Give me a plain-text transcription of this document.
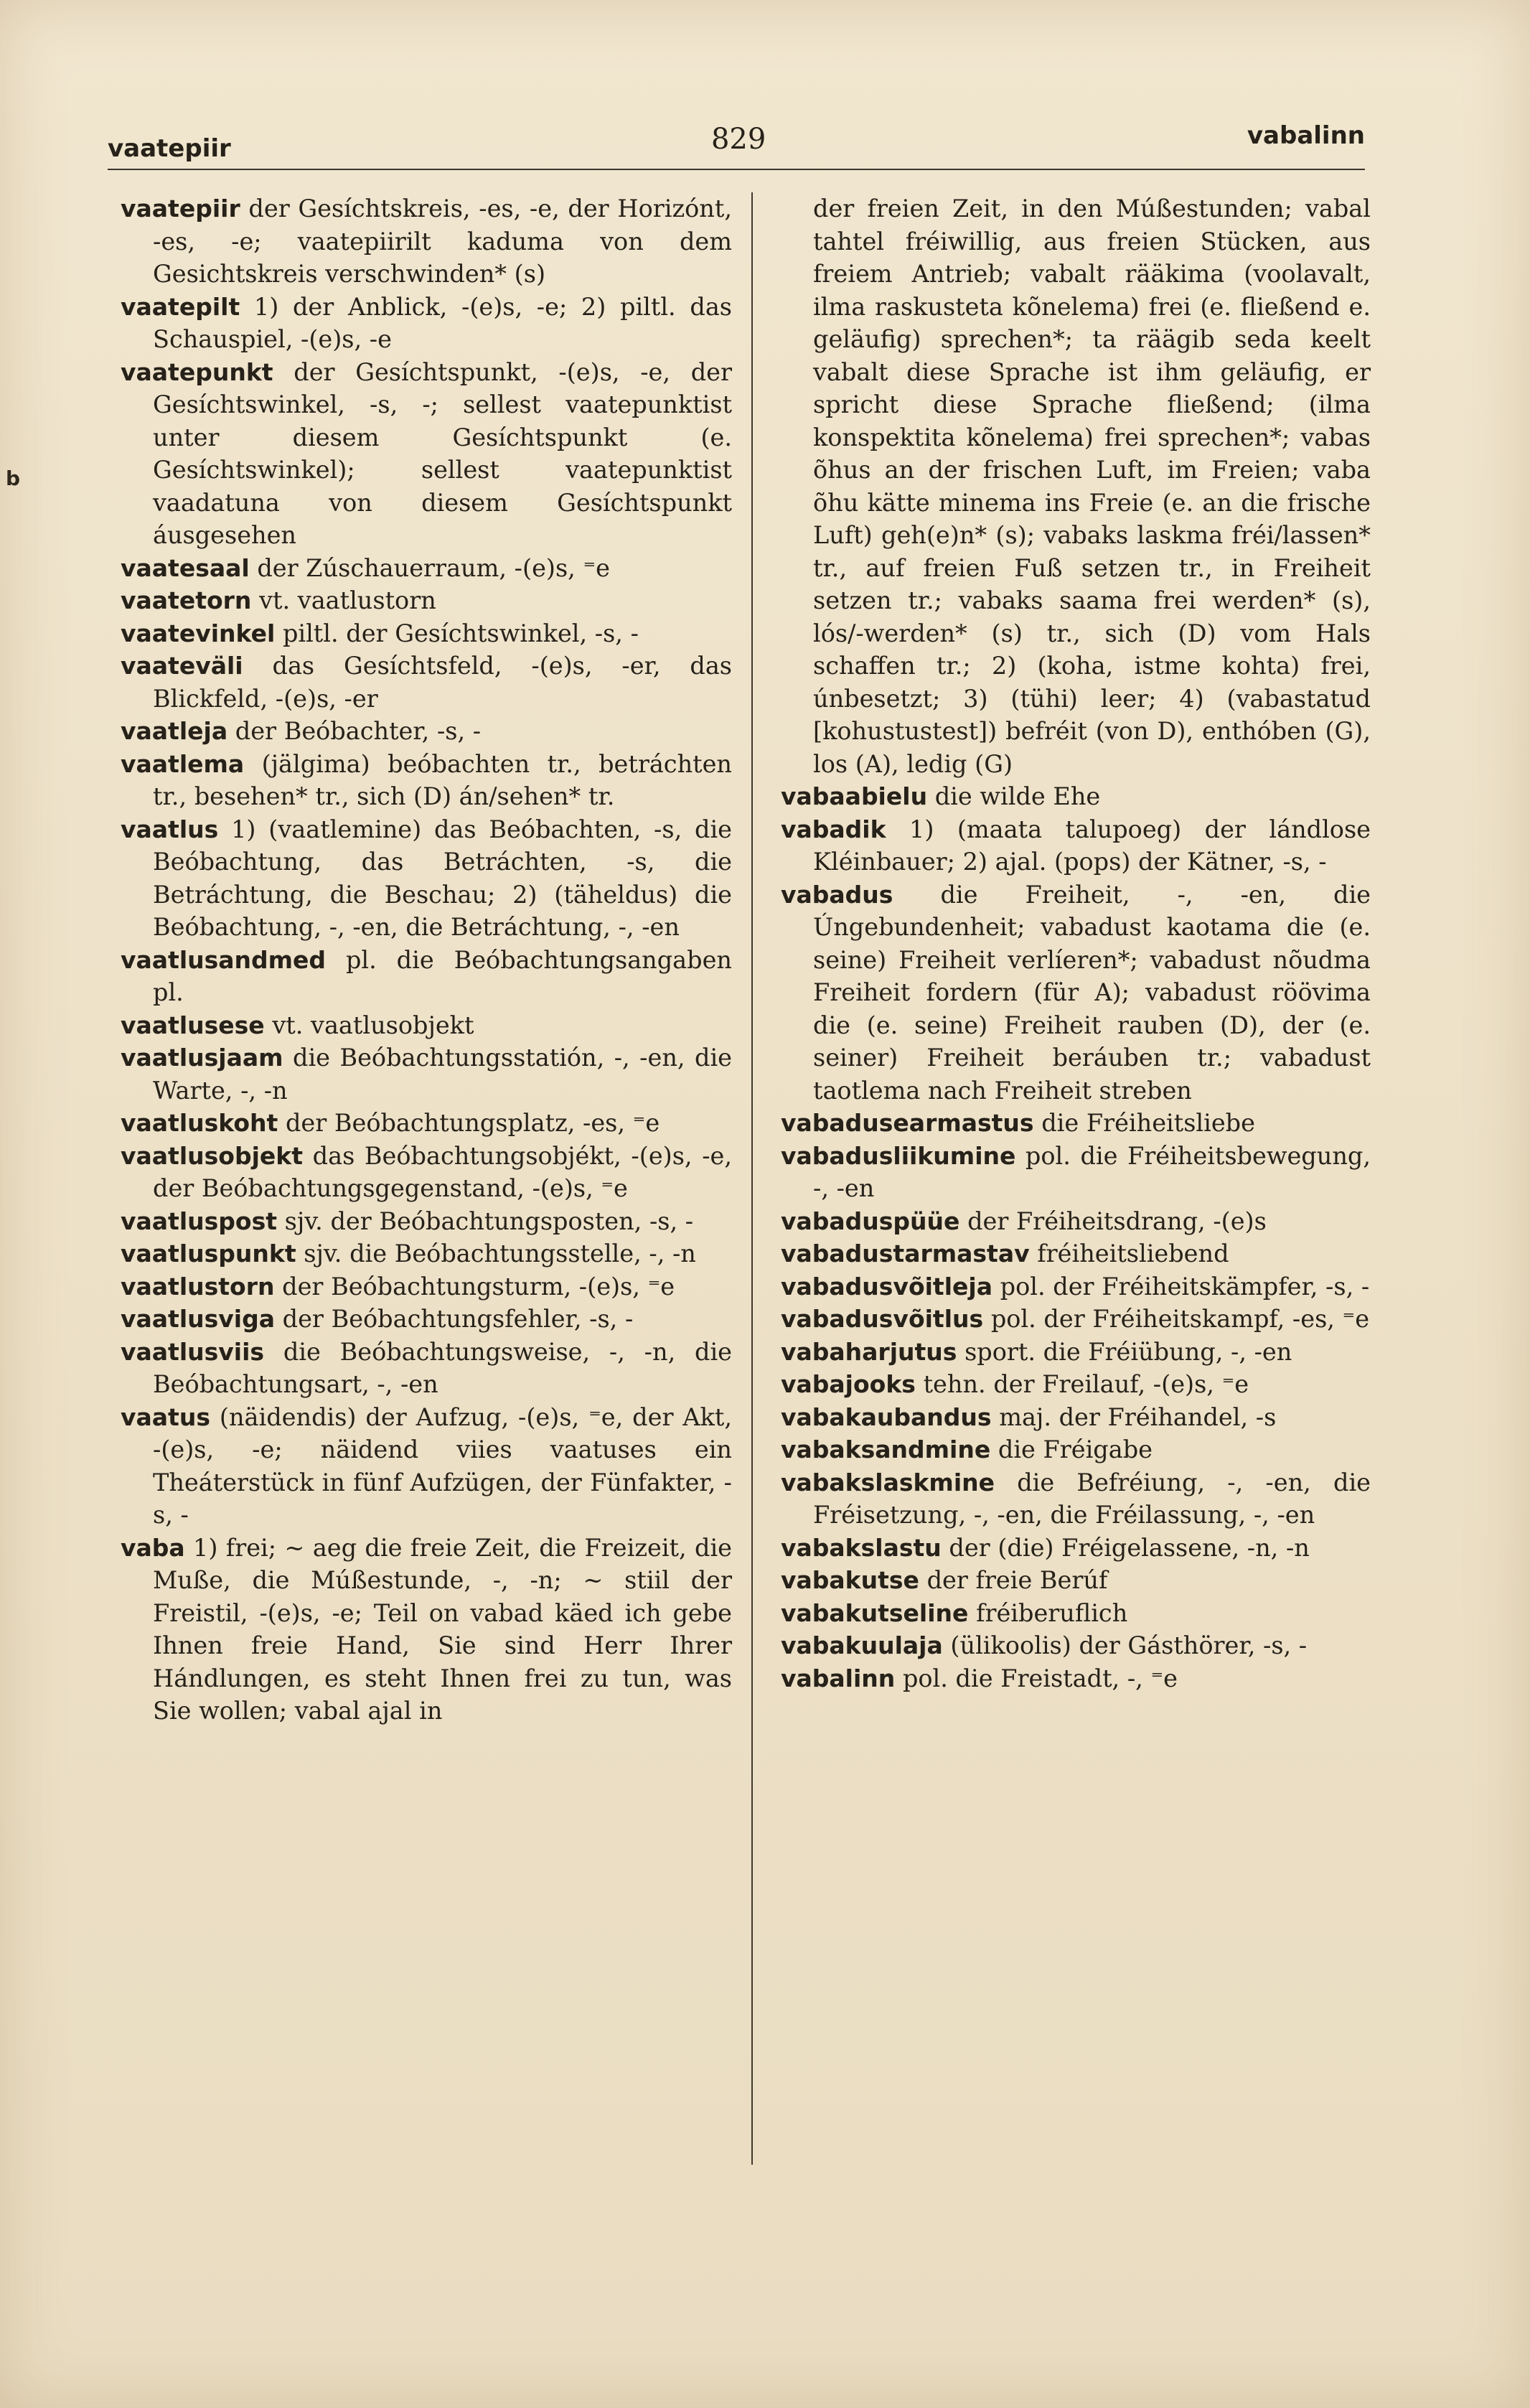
vaatepiir	829	vabalinn
b
vaatepiir der Gesíchtskreis, -es, -e, der Horizónt, -es, -e; vaatepiirilt kaduma von dem Gesichtskreis verschwinden* (s)
vaatepilt 1) der Anblick, -(e)s, -e; 2) piltl. das Schauspiel, -(e)s, -e
vaatepunkt der Gesíchtspunkt, -(e)s, -e, der Gesíchtswinkel, -s, -; sellest vaatepunktist unter diesem Gesíchtspunkt (e. Gesíchtswinkel); sellest vaatepunktist vaadatuna von diesem Gesíchtspunkt áusgesehen
vaatesaal der Zúschauerraum, -(e)s, ⁼e
vaatetorn vt. vaatlustorn
vaatevinkel piltl. der Gesíchtswinkel, -s, -
vaateväli das Gesíchtsfeld, -(e)s, -er, das Blickfeld, -(e)s, -er
vaatleja der Beóbachter, -s, -
vaatlema (jälgima) beóbachten tr., betráchten tr., besehen* tr., sich (D) án/sehen* tr.
vaatlus 1) (vaatlemine) das Beóbachten, -s, die Beóbachtung, das Betráchten, -s, die Betráchtung, die Beschau; 2) (täheldus) die Beóbachtung, -, -en, die Betráchtung, -, -en
vaatlusandmed pl. die Beóbachtungsangaben pl.
vaatlusese vt. vaatlusobjekt
vaatlusjaam die Beóbachtungsstatión, -, -en, die Warte, -, -n
vaatluskoht der Beóbachtungsplatz, -es, ⁼e
vaatlusobjekt das Beóbachtungsobjékt, -(e)s, -e, der Beóbachtungsgegenstand, -(e)s, ⁼e
vaatluspost sjv. der Beóbachtungsposten, -s, -
vaatluspunkt sjv. die Beóbachtungsstelle, -, -n
vaatlustorn der Beóbachtungsturm, -(e)s, ⁼e
vaatlusviga der Beóbachtungsfehler, -s, -
vaatlusviis die Beóbachtungsweise, -, -n, die Beóbachtungsart, -, -en
vaatus (näidendis) der Aufzug, -(e)s, ⁼e, der Akt, -(e)s, -e; näidend viies vaatuses ein Theáterstück in fünf Aufzügen, der Fünfakter, -s, -
vaba 1) frei; ~ aeg die freie Zeit, die Freizeit, die Muße, die Múßestunde, -, -n; ~ stiil der Freistil, -(e)s, -e; Teil on vabad käed ich gebe Ihnen freie Hand, Sie sind Herr Ihrer Hándlungen, es steht Ihnen frei zu tun, was Sie wollen; vabal ajal in
der freien Zeit, in den Múßestunden; vabal tahtel fréiwillig, aus freien Stücken, aus freiem Antrieb; vabalt rääkima (voolavalt, ilma raskusteta kõnelema) frei (e. fließend e. geläufig) sprechen*; ta räägib seda keelt vabalt diese Sprache ist ihm geläufig, er spricht diese Sprache fließend; (ilma konspektita kõnelema) frei sprechen*; vabas õhus an der frischen Luft, im Freien; vaba õhu kätte minema ins Freie (e. an die frische Luft) geh(e)n* (s); vabaks laskma fréi/lassen* tr., auf freien Fuß setzen tr., in Freiheit setzen tr.; vabaks saama frei werden* (s), lós/-werden* (s) tr., sich (D) vom Hals schaffen tr.; 2) (koha, istme kohta) frei, únbesetzt; 3) (tühi) leer; 4) (vabastatud [kohustustest]) befréit (von D), enthóben (G), los (A), ledig (G)
vabaabielu die wilde Ehe
vabadik 1) (maata talupoeg) der lándlose Kléinbauer; 2) ajal. (pops) der Kätner, -s, -
vabadus die Freiheit, -, -en, die Úngebundenheit; vabadust kaotama die (e. seine) Freiheit verlíeren*; vabadust nõudma Freiheit fordern (für A); vabadust röövima die (e. seine) Freiheit rauben (D), der (e. seiner) Freiheit beráuben tr.; vabadust taotlema nach Freiheit streben
vabadusearmastus die Fréiheitsliebe
vabadusliikumine pol. die Fréiheitsbewegung, -, -en
vabaduspüüe der Fréiheitsdrang, -(e)s
vabadustarmastav fréiheitsliebend
vabadusvõitleja pol. der Fréiheitskämpfer, -s, -
vabadusvõitlus pol. der Fréiheitskampf, -es, ⁼e
vabaharjutus sport. die Fréiübung, -, -en
vabajooks tehn. der Freilauf, -(e)s, ⁼e
vabakaubandus maj. der Fréihandel, -s
vabaksandmine die Fréigabe
vabakslaskmine die Befréiung, -, -en, die Fréisetzung, -, -en, die Fréilassung, -, -en
vabakslastu der (die) Fréigelassene, -n, -n
vabakutse der freie Berúf
vabakutseline fréiberuflich
vabakuulaja (ülikoolis) der Gásthörer, -s, -
vabalinn pol. die Freistadt, -, ⁼e
